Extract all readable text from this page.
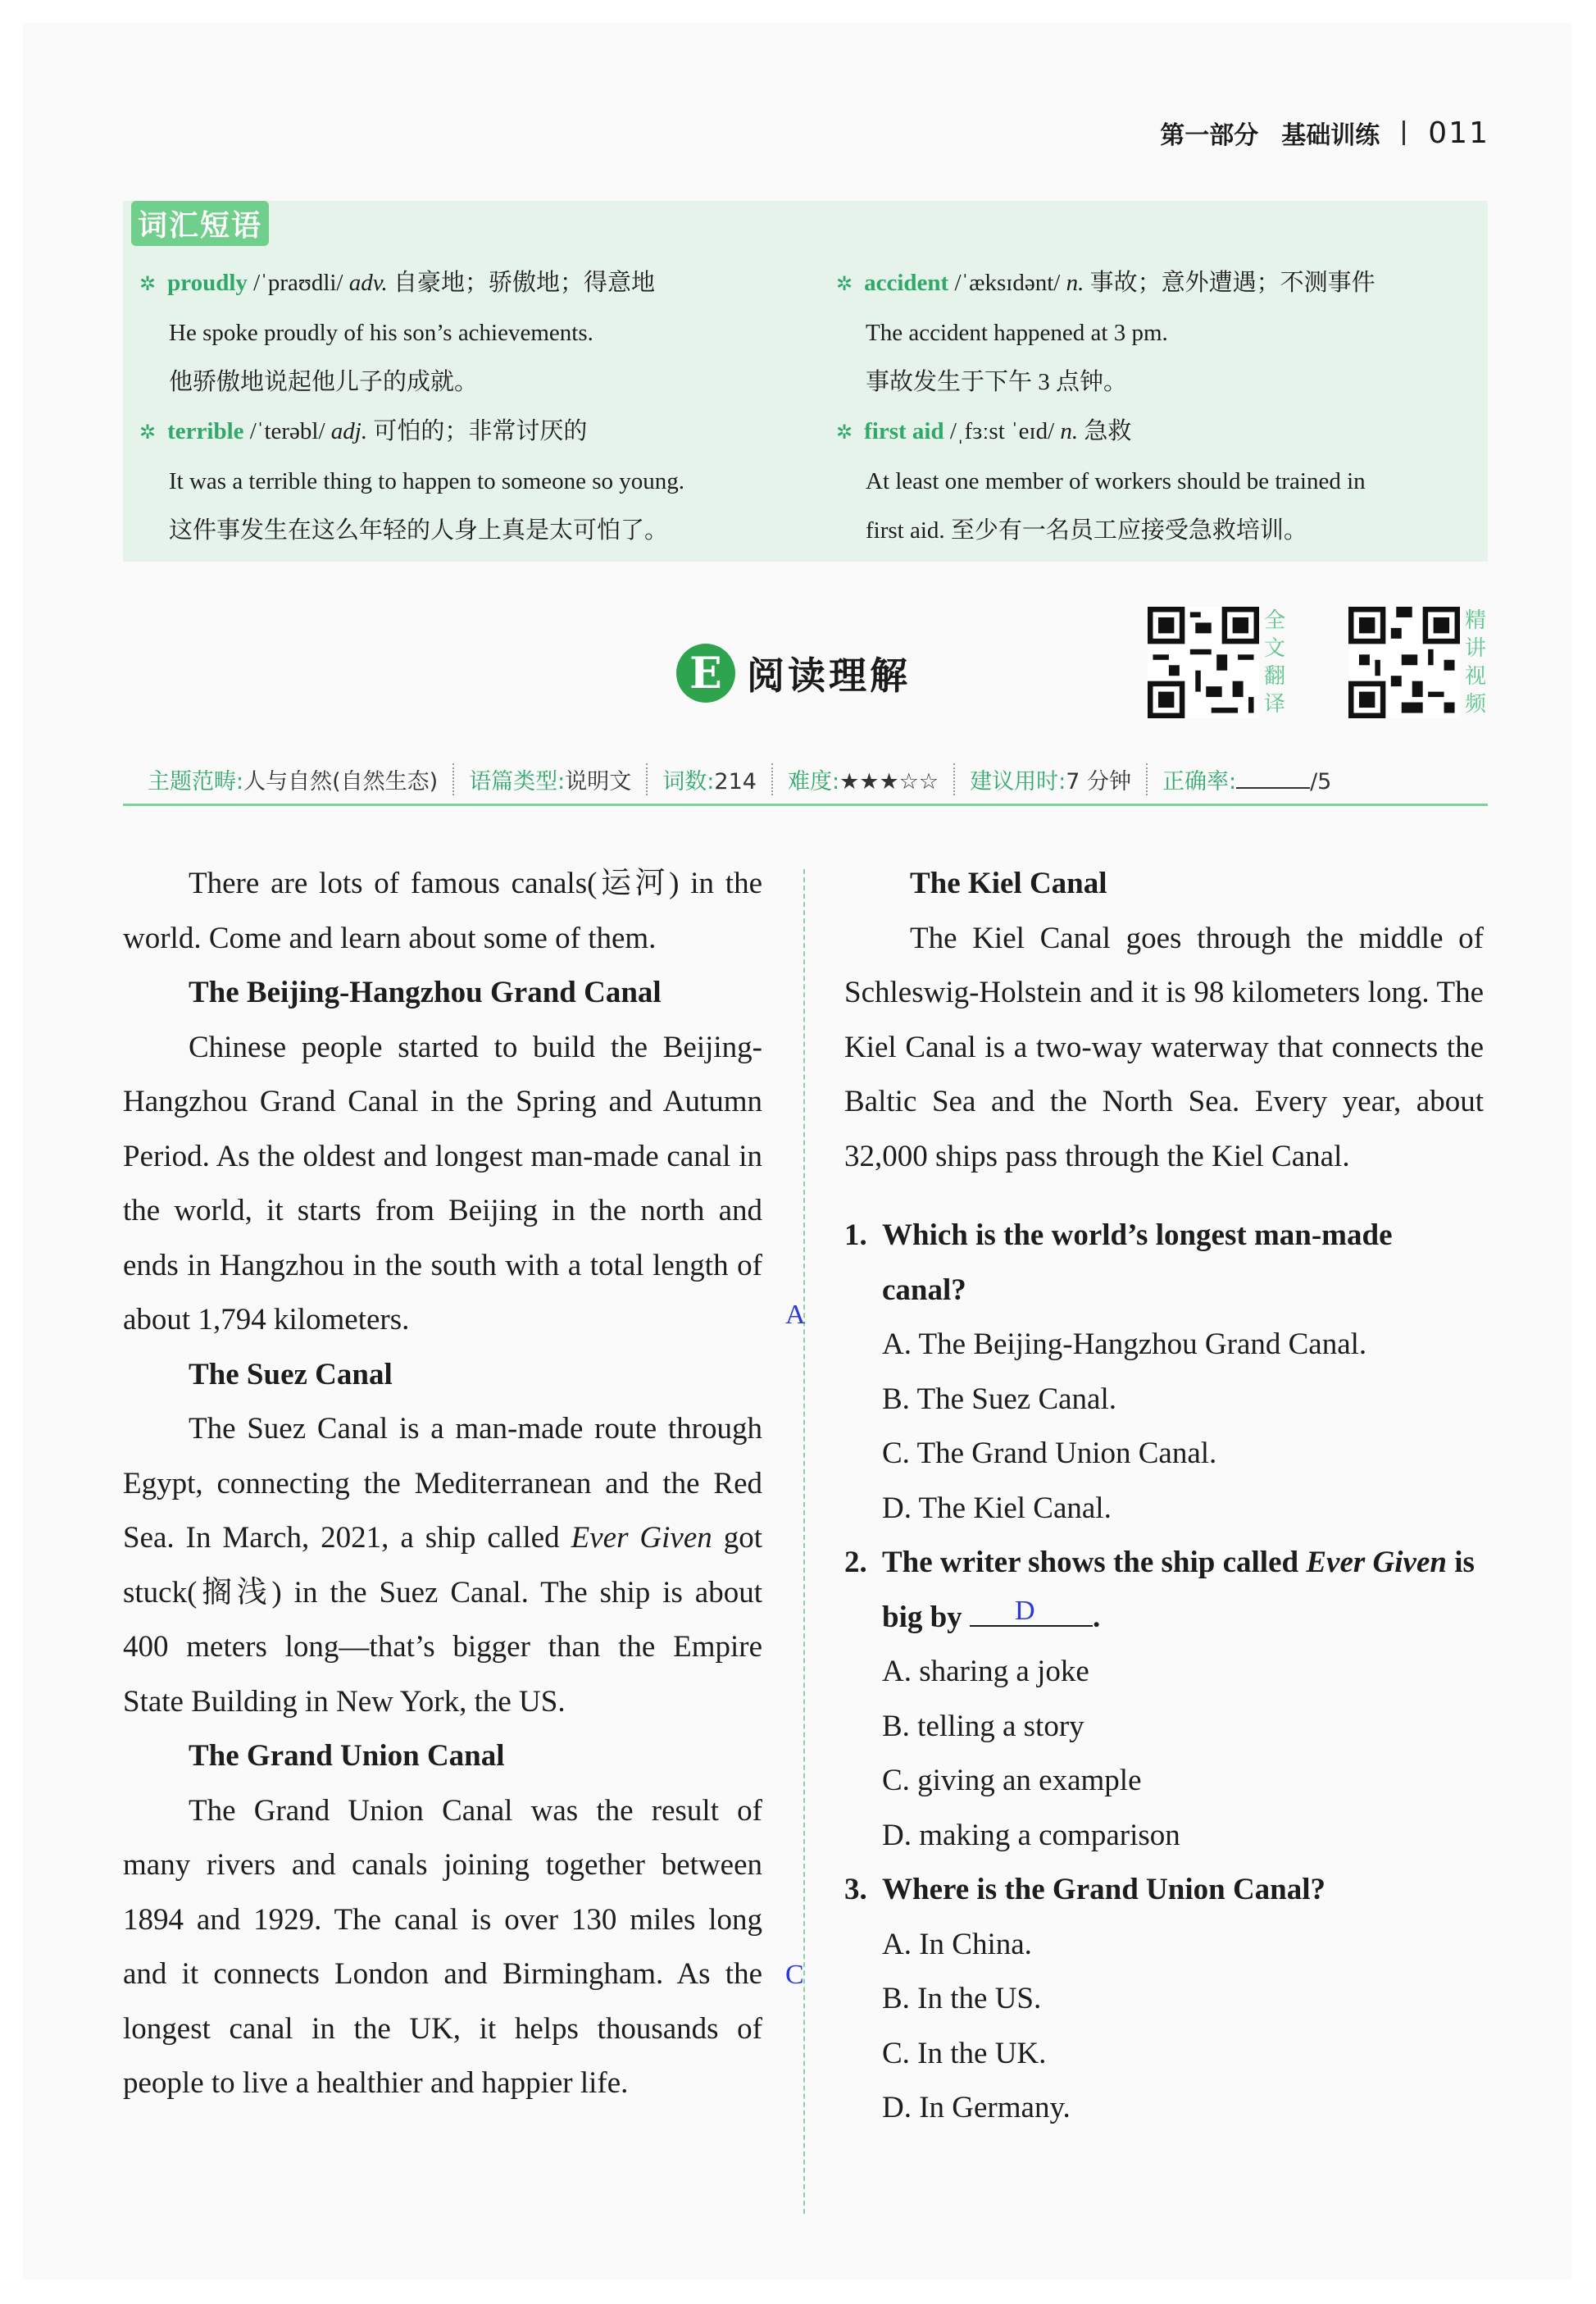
第一部分 基础训练 011
词汇短语
✲ proudly /ˈpraʊdli/ adv. 自豪地；骄傲地；得意地
He spoke proudly of his son’s achievements.
他骄傲地说起他儿子的成就。
✲ terrible /ˈterəbl/ adj. 可怕的；非常讨厌的
It was a terrible thing to happen to someone so young.
这件事发生在这么年轻的人身上真是太可怕了。
✲ accident /ˈæksɪdənt/ n. 事故；意外遭遇；不测事件
The accident happened at 3 pm.
事故发生于下午 3 点钟。
✲ first aid /ˌfɜːst ˈeɪd/ n. 急救
At least one member of workers should be trained in
first aid. 至少有一名员工应接受急救培训。
E 阅读理解
全文翻译
精讲视频
主题范畴:人与自然(自然生态)	语篇类型:说明文	词数:214	难度:★★★☆☆	建议用时:7 分钟	正确率:	/5

There are lots of famous canals(运河) in the world. Come and learn about some of them.

The Beijing-Hangzhou Grand Canal

Chinese people started to build the Beijing-Hangzhou Grand Canal in the Spring and Autumn Period. As the oldest and longest man-made canal in the world, it starts from Beijing in the north and ends in Hangzhou in the south with a total length of about 1,794 kilometers.

The Suez Canal

The Suez Canal is a man-made route through Egypt, connecting the Mediterranean and the Red Sea. In March, 2021, a ship called Ever Given got stuck(搁浅) in the Suez Canal. The ship is about 400 meters long—that’s bigger than the Empire State Building in New York, the US.

The Grand Union Canal

The Grand Union Canal was the result of many rivers and canals joining together between 1894 and 1929. The canal is over 130 miles long and it connects London and Birmingham. As the longest canal in the UK, it helps thousands of people to live a healthier and happier life.

A
C
The Kiel Canal

The Kiel Canal goes through the middle of Schleswig-Holstein and it is 98 kilometers long. The Kiel Canal is a two-way waterway that connects the Baltic Sea and the North Sea. Every year, about 32,000 ships pass through the Kiel Canal.

1. Which is the world’s longest man-made canal?
A. The Beijing-Hangzhou Grand Canal.
B. The Suez Canal.
C. The Grand Union Canal.
D. The Kiel Canal.
2. The writer shows the ship called Ever Given is big by D .
A. sharing a joke
B. telling a story
C. giving an example
D. making a comparison
3. Where is the Grand Union Canal?
A. In China.
B. In the US.
C. In the UK.
D. In Germany.
